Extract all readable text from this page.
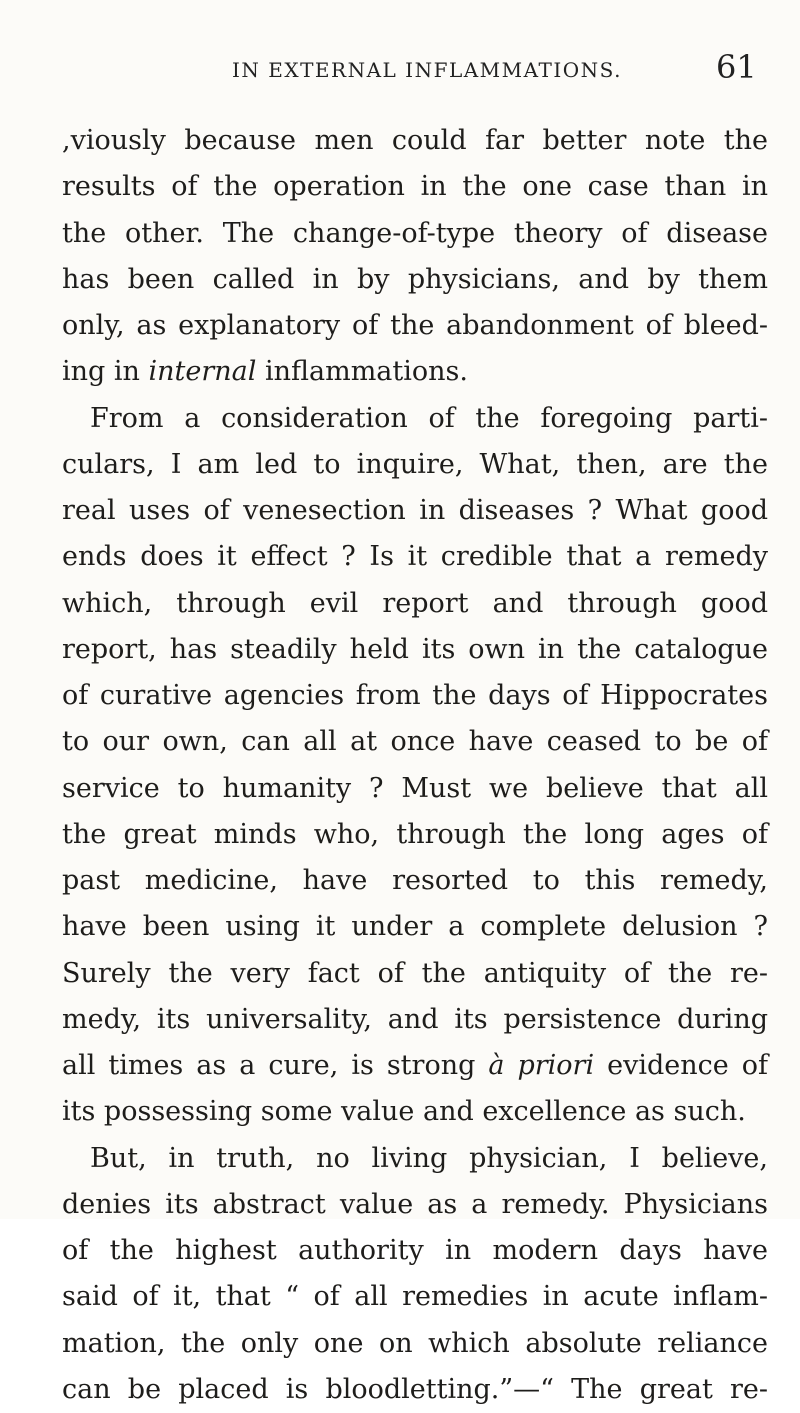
IN EXTERNAL INFLAMMATIONS.	61
,viously because men could far better note the
results of the operation in the one case than in
the other. The change-of-type theory of disease
has been called in by physicians, and by them
only, as explanatory of the abandonment of bleed-
ing in internal inflammations.
From a consideration of the foregoing parti-
culars, I am led to inquire, What, then, are the
real uses of venesection in diseases ? What good
ends does it effect ? Is it credible that a remedy
which, through evil report and through good
report, has steadily held its own in the catalogue
of curative agencies from the days of Hippocrates
to our own, can all at once have ceased to be of
service to humanity ? Must we believe that all
the great minds who, through the long ages of
past medicine, have resorted to this remedy,
have been using it under a complete delusion ?
Surely the very fact of the antiquity of the re-
medy, its universality, and its persistence during
all times as a cure, is strong à priori evidence of
its possessing some value and excellence as such.
But, in truth, no living physician, I believe,
denies its abstract value as a remedy. Physicians
of the highest authority in modern days have
said of it, that “ of all remedies in acute inflam-
mation, the only one on which absolute reliance
can be placed is bloodletting.”—“ The great re-
